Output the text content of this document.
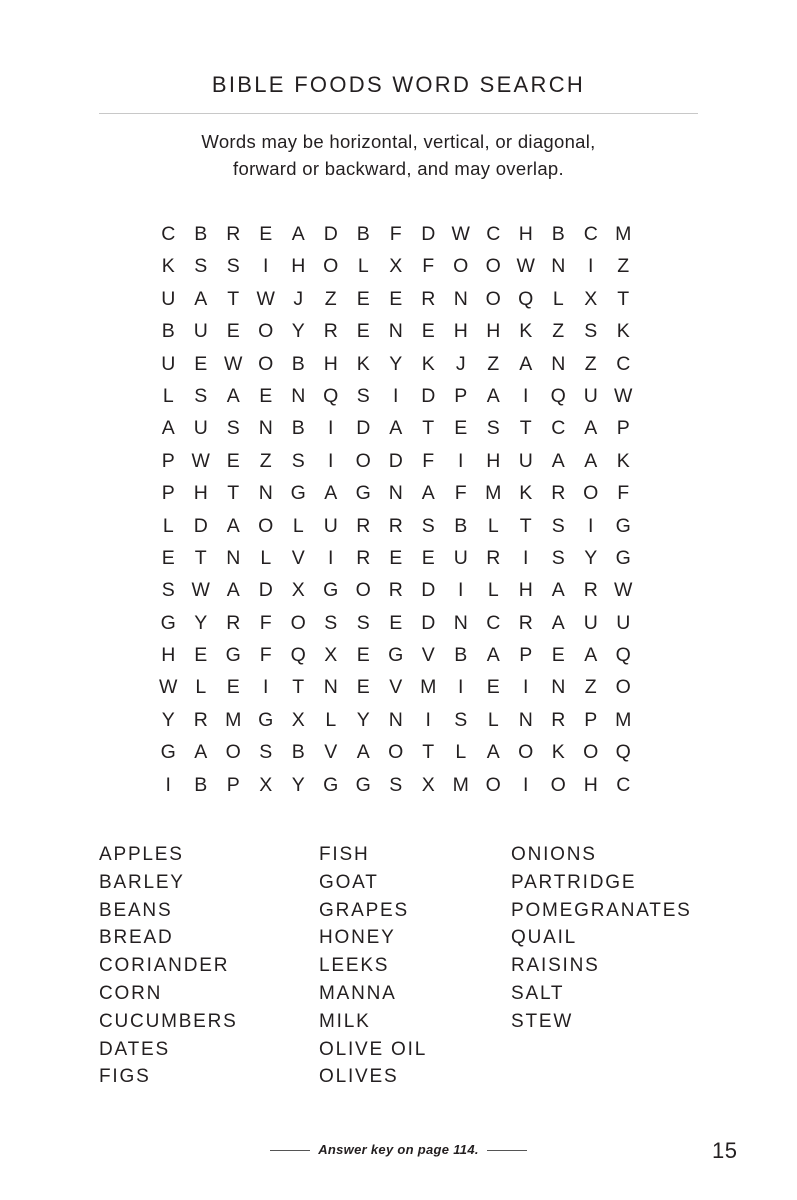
BIBLE FOODS WORD SEARCH
Words may be horizontal, vertical, or diagonal,
forward or backward, and may overlap.
C B R E A D B	F	D W C H B C M
K S S	I	H O L	X	F O O W N	I	Z
U A	T W J	Z	E E R N O Q L	X	T
B U E O Y R E N E H H K	Z	S K
U E W O B H K Y K	J	Z	A N Z	C
L	S A E N Q S	I	D P A	I	Q U W
A U S N B	I	D A	T	E S	T	C A P
P W E	Z	S	I	O D F	I	H U A A K
P H T	N G A G N A	F M K R O F
L	D A O L	U R R S B	L	T	S	I	G
E	T	N	L	V	I	R E E U R	I	S Y G
S W A D X G O R D	I	L	H A R W
G Y R F O S S E D N C R A U U
H E G F Q X E G V B A P E A Q
W L	E	I	T	N E V M	I	E	I	N Z O
Y R M G X	L	Y N	I	S	L	N R P M
G A O S B V A O T	L	A O K O Q
I	B P X Y G G S X M O	I	O H C
APPLES
BARLEY
BEANS
BREAD
CORIANDER
CORN
CUCUMBERS
DATES
FIGS
FISH
GOAT
GRAPES
HONEY
LEEKS
MANNA
MILK
OLIVE OIL
OLIVES
ONIONS
PARTRIDGE
POMEGRANATES
QUAIL
RAISINS
SALT
STEW
Answer key on page 114.	15
